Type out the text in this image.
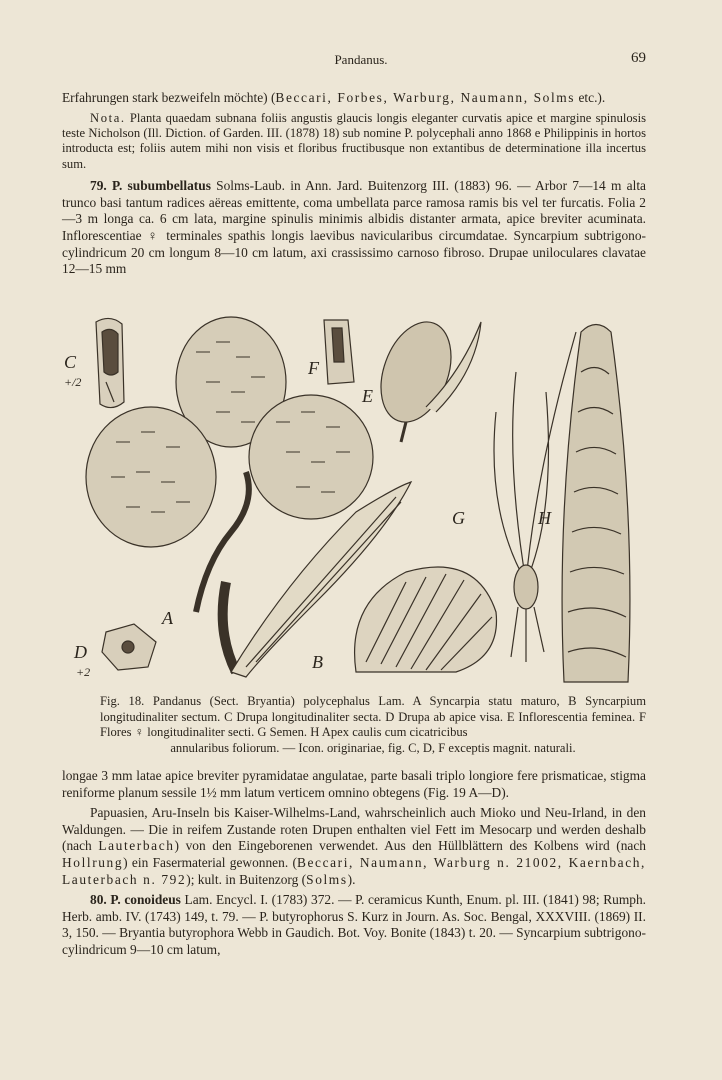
Pandanus.	69

Erfahrungen stark bezweifeln möchte) (Beccari, Forbes, Warburg, Naumann, Solms etc.).

Nota. Planta quaedam subnana foliis angustis glaucis longis eleganter curvatis apice et margine spinulosis teste Nicholson (Ill. Diction. of Garden. III. (1878) 18) sub nomine P. polycephali anno 1868 e Philippinis in hortos introducta est; foliis autem mihi non visis et floribus fructibusque non extantibus de determinatione illa incertus sum.

79. P. subumbellatus Solms-Laub. in Ann. Jard. Buitenzorg III. (1883) 96. — Arbor 7—14 m alta trunco basi tantum radices aëreas emittente, coma umbellata parce ramosa ramis bis vel ter furcatis. Folia 2—3 m longa ca. 6 cm lata, margine spinulis minimis albidis distanter armata, apice breviter acuminata. Inflorescentiae ♀ terminales spathis longis laevibus navicularibus circumdatae. Syncarpium subtrigono-cylindricum 20 cm longum 8—10 cm latum, axi crassissimo carnoso fibroso. Drupae uniloculares clavatae 12—15 mm

C
+/2
F
E
G	H
A
D
+2	B
Fig. 18. Pandanus (Sect. Bryantia) polycephalus Lam. A Syncarpia statu maturo, B Syncarpium longitudinaliter sectum. C Drupa longitudinaliter secta. D Drupa ab apice visa. E Inflorescentia feminea. F Flores ♀ longitudinaliter secti. G Semen. H Apex caulis cum cicatricibus
annularibus foliorum. — Icon. originariae, fig. C, D, F exceptis magnit. naturali.

longae 3 mm latae apice breviter pyramidatae angulatae, parte basali triplo longiore fere prismaticae, stigma reniforme planum sessile 1½ mm latum verticem omnino obtegens (Fig. 19 A—D).

Papuasien, Aru-Inseln bis Kaiser-Wilhelms-Land, wahrscheinlich auch Mioko und Neu-Irland, in den Waldungen. — Die in reifem Zustande roten Drupen enthalten viel Fett im Mesocarp und werden deshalb (nach Lauterbach) von den Eingeborenen verwendet. Aus den Hüllblättern des Kolbens wird (nach Hollrung) ein Fasermaterial gewonnen. (Beccari, Naumann, Warburg n. 21002, Kaernbach, Lauterbach n. 792); kult. in Buitenzorg (Solms).

80. P. conoideus Lam. Encycl. I. (1783) 372. — P. ceramicus Kunth, Enum. pl. III. (1841) 98; Rumph. Herb. amb. IV. (1743) 149, t. 79. — P. butyrophorus S. Kurz in Journ. As. Soc. Bengal, XXXVIII. (1869) II. 3, 150. — Bryantia butyrophora Webb in Gaudich. Bot. Voy. Bonite (1843) t. 20. — Syncarpium subtrigono-cylindricum 9—10 cm latum,
